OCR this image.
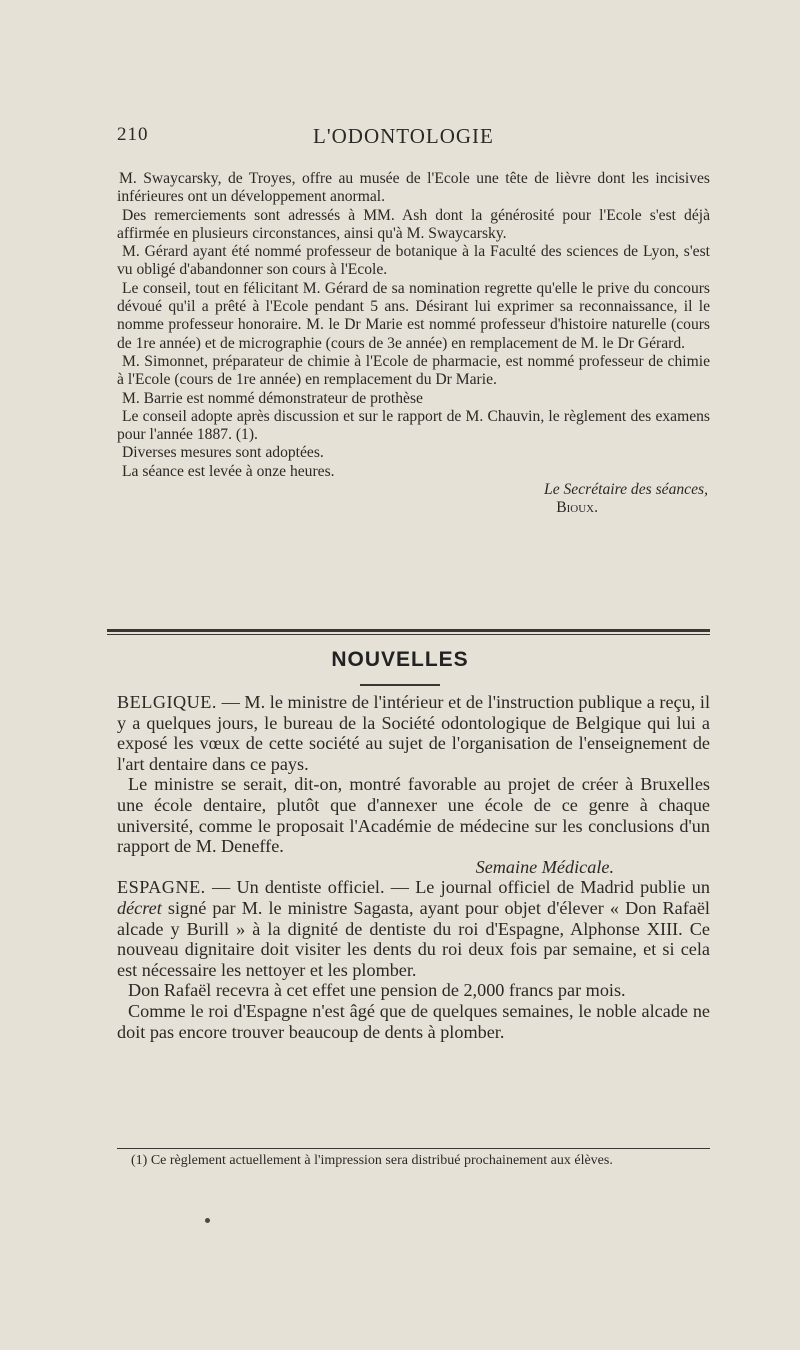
210	L'ODONTOLOGIE

M. Swaycarsky, de Troyes, offre au musée de l'Ecole une tête de lièvre dont les incisives inférieures ont un développement anormal.

Des remerciements sont adressés à MM. Ash dont la générosité pour l'Ecole s'est déjà affirmée en plusieurs circonstances, ainsi qu'à M. Swaycarsky.

M. Gérard ayant été nommé professeur de botanique à la Faculté des sciences de Lyon, s'est vu obligé d'abandonner son cours à l'Ecole.

Le conseil, tout en félicitant M. Gérard de sa nomination regrette qu'elle le prive du concours dévoué qu'il a prêté à l'Ecole pendant 5 ans. Désirant lui exprimer sa reconnaissance, il le nomme professeur honoraire. M. le Dr Marie est nommé professeur d'histoire naturelle (cours de 1re année) et de micrographie (cours de 3e année) en remplacement de M. le Dr Gérard.

M. Simonnet, préparateur de chimie à l'Ecole de pharmacie, est nommé professeur de chimie à l'Ecole (cours de 1re année) en remplacement du Dr Marie.

M. Barrie est nommé démonstrateur de prothèse

Le conseil adopte après discussion et sur le rapport de M. Chauvin, le règlement des examens pour l'année 1887. (1).

Diverses mesures sont adoptées.

La séance est levée à onze heures.

Le Secrétaire des séances,
Bioux.
NOUVELLES

BELGIQUE. — M. le ministre de l'intérieur et de l'instruction publique a reçu, il y a quelques jours, le bureau de la Société odontologique de Belgique qui lui a exposé les vœux de cette société au sujet de l'organisation de l'enseignement de l'art dentaire dans ce pays.

Le ministre se serait, dit-on, montré favorable au projet de créer à Bruxelles une école dentaire, plutôt que d'annexer une école de ce genre à chaque université, comme le proposait l'Académie de médecine sur les conclusions d'un rapport de M. Deneffe.

Semaine Médicale.

ESPAGNE. — Un dentiste officiel. — Le journal officiel de Madrid publie un décret signé par M. le ministre Sagasta, ayant pour objet d'élever « Don Rafaël alcade y Burill » à la dignité de dentiste du roi d'Espagne, Alphonse XIII. Ce nouveau dignitaire doit visiter les dents du roi deux fois par semaine, et si cela est nécessaire les nettoyer et les plomber.

Don Rafaël recevra à cet effet une pension de 2,000 francs par mois.

Comme le roi d'Espagne n'est âgé que de quelques semaines, le noble alcade ne doit pas encore trouver beaucoup de dents à plomber.

(1) Ce règlement actuellement à l'impression sera distribué prochainement aux élèves.
